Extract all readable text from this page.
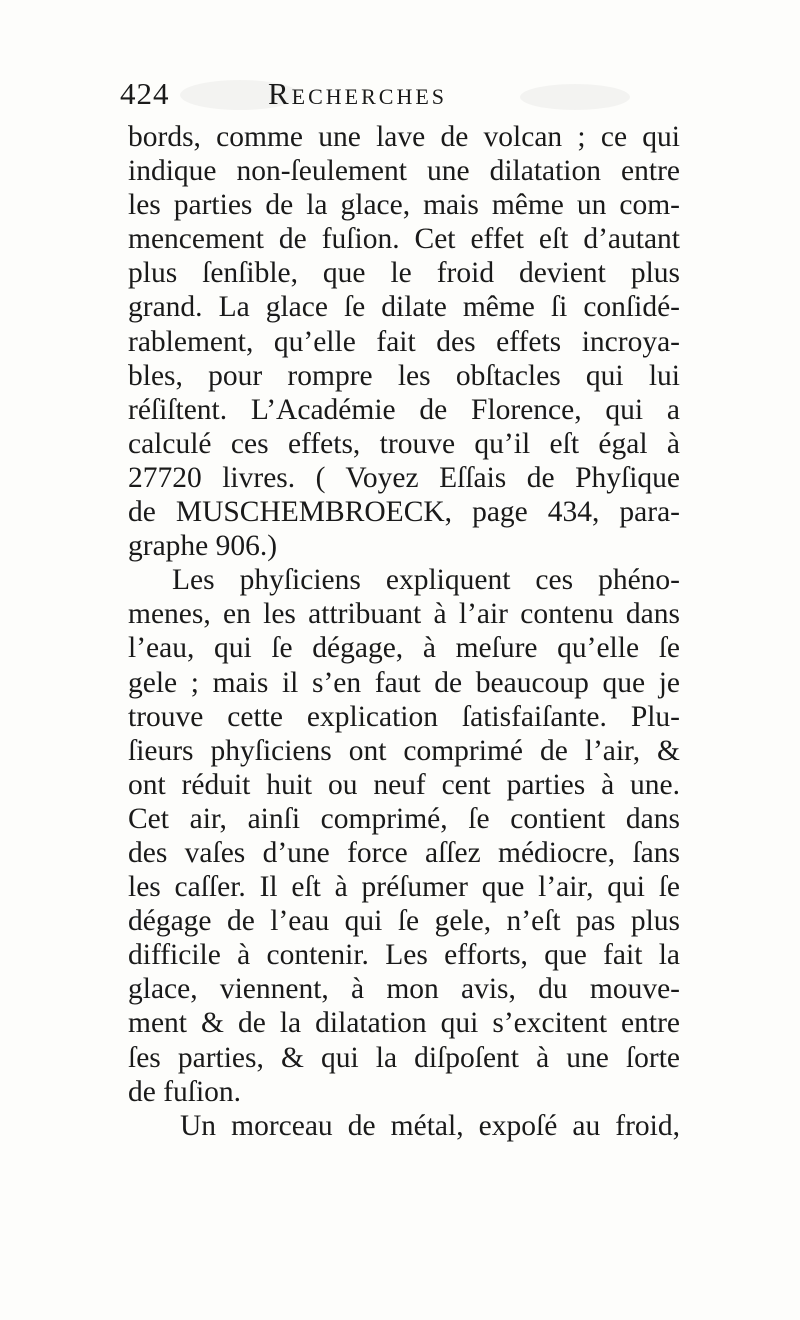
424	Recherches
bords, comme une lave de volcan ; ce qui
indique non-ſeulement une dilatation entre
les parties de la glace, mais même un com-
mencement de fuſion. Cet effet eſt d’autant
plus ſenſible, que le froid devient plus
grand. La glace ſe dilate même ſi conſidé-
rablement, qu’elle fait des effets incroya-
bles, pour rompre les obſtacles qui lui
réſiſtent. L’Académie de Florence, qui a
calculé ces effets, trouve qu’il eſt égal à
27720 livres. ( Voyez Eſſais de Phyſique
de MUSCHEMBROECK, page 434, para-
graphe 906.)
Les phyſiciens expliquent ces phéno-
menes, en les attribuant à l’air contenu dans
l’eau, qui ſe dégage, à meſure qu’elle ſe
gele ; mais il s’en faut de beaucoup que je
trouve cette explication ſatisfaiſante. Plu-
ſieurs phyſiciens ont comprimé de l’air, &
ont réduit huit ou neuf cent parties à une.
Cet air, ainſi comprimé, ſe contient dans
des vaſes d’une force aſſez médiocre, ſans
les caſſer. Il eſt à préſumer que l’air, qui ſe
dégage de l’eau qui ſe gele, n’eſt pas plus
difficile à contenir. Les efforts, que fait la
glace, viennent, à mon avis, du mouve-
ment & de la dilatation qui s’excitent entre
ſes parties, & qui la diſpoſent à une ſorte
de fuſion.
Un morceau de métal, expoſé au froid,
